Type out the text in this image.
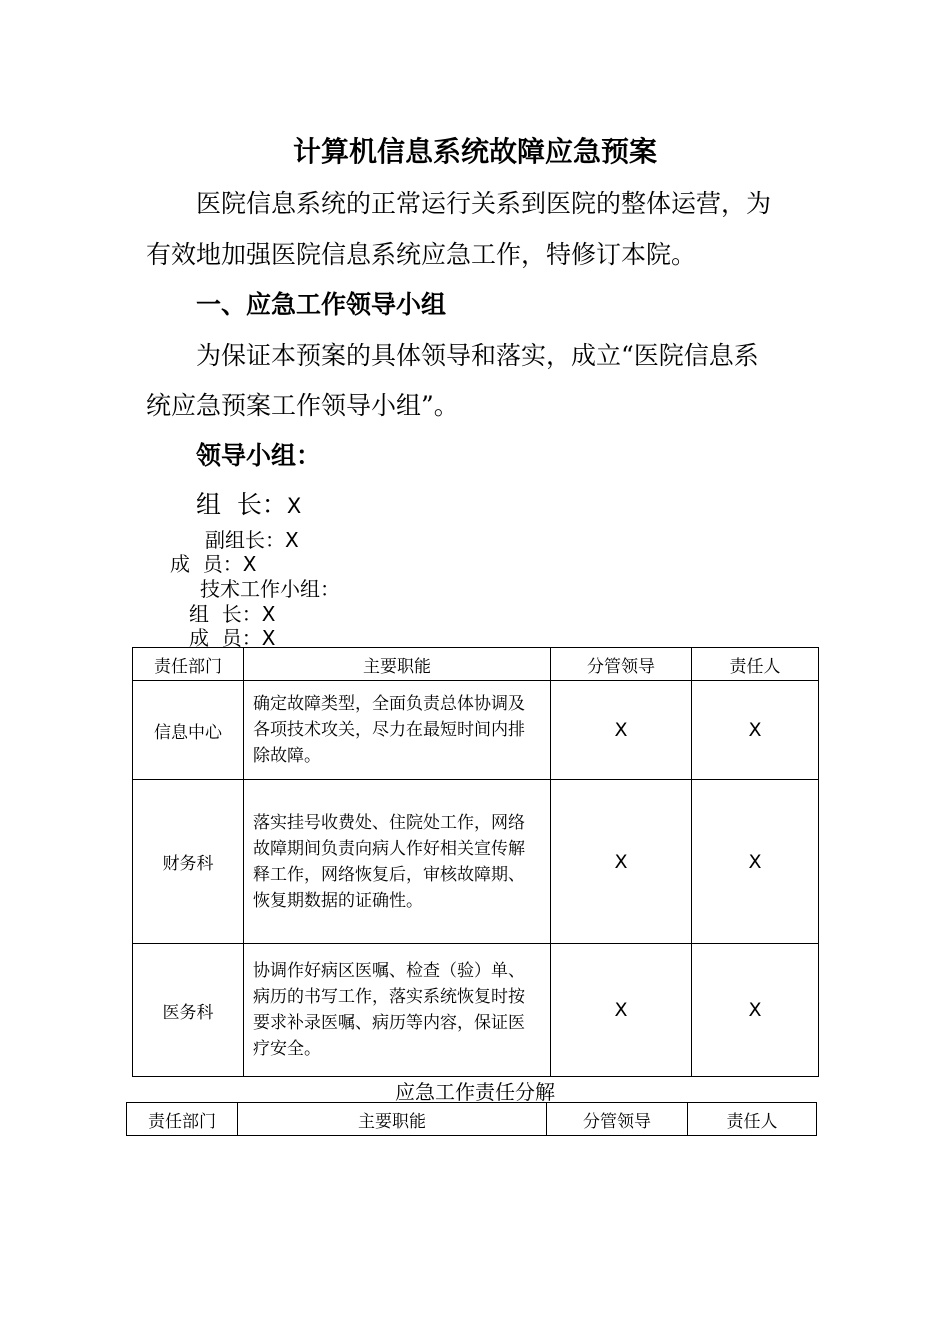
计算机信息系统故障应急预案
医院信息系统的正常运行关系到医院的整体运营，为
有效地加强医院信息系统应急工作，特修订本院。
一、应急工作领导小组
为保证本预案的具体领导和落实，成立“医院信息系
统应急预案工作领导小组”。
领导小组：
组  长：X
副组长：X
成  员：X
技术工作小组：
组  长：X
成  员：X
责任部门	主要职能	分管领导	责任人
信息中心	确定故障类型，全面负责总体协调及各项技术攻关，尽力在最短时间内排除故障。	X	X
财务科	落实挂号收费处、住院处工作，网络故障期间负责向病人作好相关宣传解释工作，网络恢复后，审核故障期、恢复期数据的证确性。	X	X
医务科	协调作好病区医嘱、检查（验）单、病历的书写工作，落实系统恢复时按要求补录医嘱、病历等内容，保证医疗安全。	X	X
应急工作责任分解
责任部门	主要职能	分管领导	责任人
